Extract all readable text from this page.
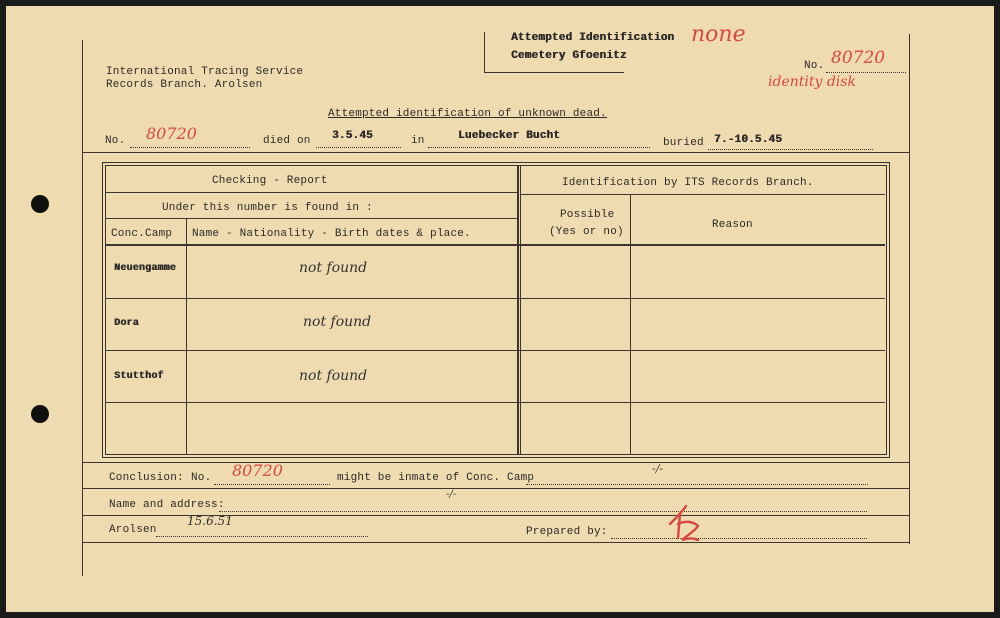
International Tracing Service
Records Branch. Arolsen
Attempted Identification
Cemetery Gfoenitz
none
No. 80720
identity disk
Attempted identification of unknown dead.
No. 80720	died on 3.5.45	in	Luebecker Bucht
buried 7.-10.5.45
Checking - Report
Under this number is found in :
Conc.Camp Name - Nationality - Birth dates & place.
Identification by ITS Records Branch.
Possible
(Yes or no)
Reason
Neuengamme	not found
Dora	not found
Stutthof	not found
Conclusion: No. 80720	might be inmate of Conc. Camp
-/-
Name and address:
-/-
Arolsen
15.6.51
Prepared by:
